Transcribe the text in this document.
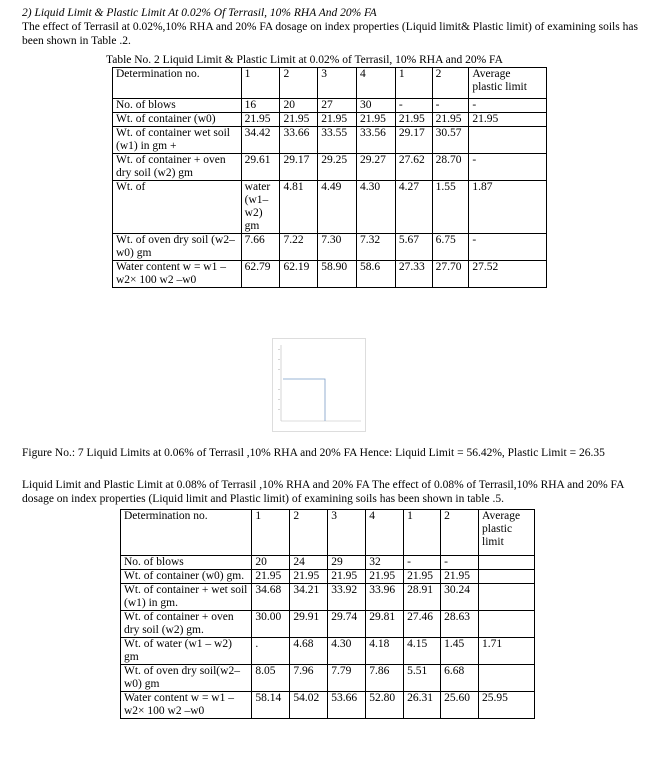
2) Liquid Limit & Plastic Limit At 0.02% Of Terrasil, 10% RHA And 20% FA
The effect of Terrasil at 0.02%,10% RHA and 20% FA dosage on index properties (Liquid limit& Plastic limit) of examining soils has been shown in Table .2.
Table No. 2 Liquid Limit & Plastic Limit at 0.02% of Terrasil, 10% RHA and 20% FA
Determination no.	1	2	3	4	1	2	Average plastic limit
No. of blows	16	20	27	30	-	-	-
Wt. of container (w0)	21.95	21.95	21.95	21.95	21.95	21.95	21.95
Wt. of container wet soil (w1) in gm +	34.42	33.66	33.55	33.56	29.17	30.57	
Wt. of container + oven dry soil (w2) gm	29.61	29.17	29.25	29.27	27.62	28.70	-
Wt. of	water (w1– w2) gm	4.81	4.49	4.30	4.27	1.55	1.87
Wt. of oven dry soil (w2–w0) gm	7.66	7.22	7.30	7.32	5.67	6.75	-
Water content w = w1 – w2× 100 w2 –w0	62.79	62.19	58.90	58.6	27.33	27.70	27.52
Figure No.: 7 Liquid Limits at 0.06% of Terrasil ,10% RHA and 20% FA Hence: Liquid Limit = 56.42%, Plastic Limit = 26.35
Liquid Limit and Plastic Limit at 0.08% of Terrasil ,10% RHA and 20% FA The effect of 0.08% of Terrasil,10% RHA and 20% FA dosage on index properties (Liquid limit and Plastic limit) of examining soils has been shown in table .5.
Determination no.	1	2	3	4	1	2	Average plastic limit
No. of blows	20	24	29	32	-	-	
Wt. of container (w0) gm.	21.95	21.95	21.95	21.95	21.95	21.95	
Wt. of container + wet soil (w1) in gm.	34.68	34.21	33.92	33.96	28.91	30.24	
Wt. of container + oven dry soil (w2) gm.	30.00	29.91	29.74	29.81	27.46	28.63	
Wt. of water (w1 – w2) gm	.	4.68	4.30	4.18	4.15	1.45	1.71
Wt. of oven dry soil(w2– w0) gm	8.05	7.96	7.79	7.86	5.51	6.68	
Water content w = w1 – w2× 100 w2 –w0	58.14	54.02	53.66	52.80	26.31	25.60	25.95
